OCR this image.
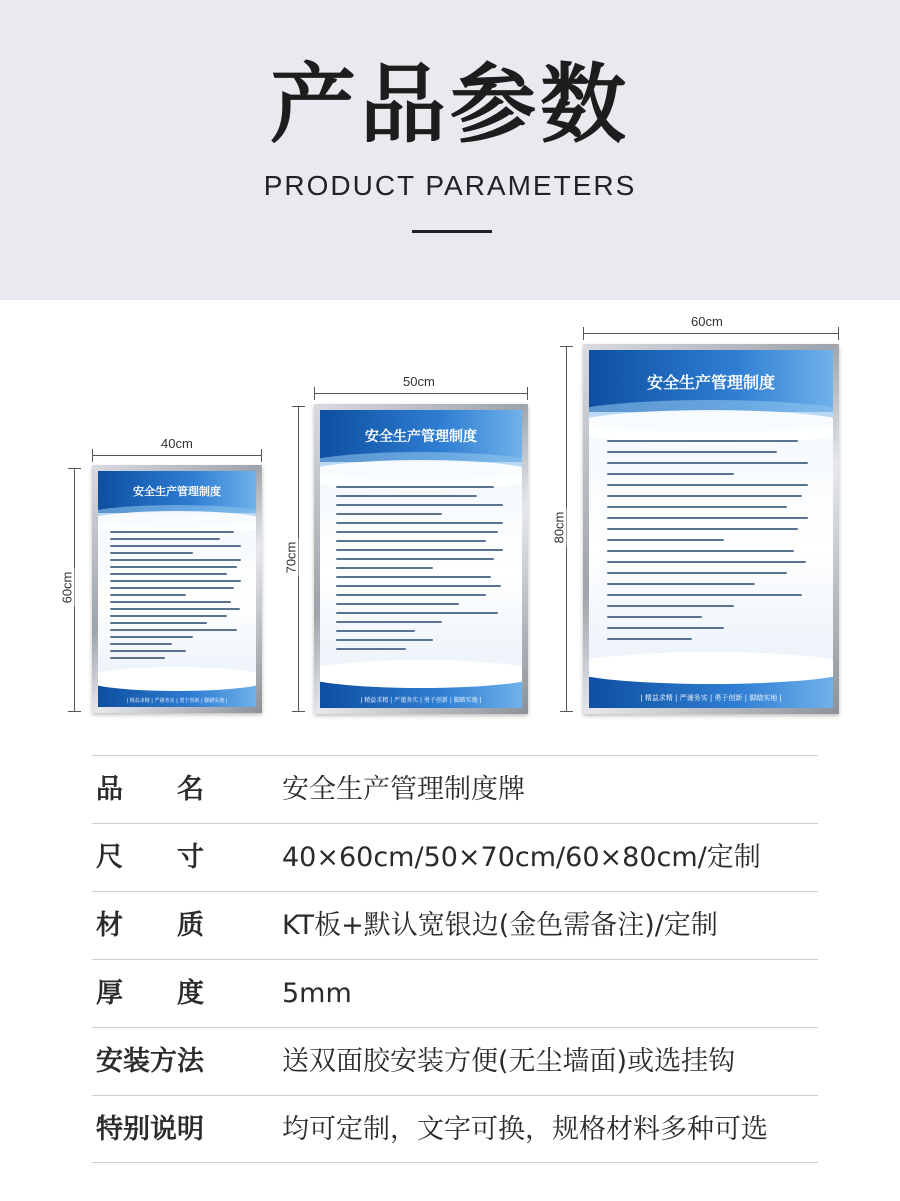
产品参数
PRODUCT PARAMETERS
40cm
60cm
安全生产管理制度
| 精益求精 | 严谨务实 | 勇于创新 | 脚踏实地 |
50cm
70cm
安全生产管理制度
| 精益求精 | 严谨务实 | 勇于创新 | 脚踏实地 |
60cm
80cm
安全生产管理制度
| 精益求精 | 严谨务实 | 勇于创新 | 脚踏实地 |
品　　名	安全生产管理制度牌
尺　　寸	40×60cm/50×70cm/60×80cm/定制
材　　质	KT板+默认宽银边(金色需备注)/定制
厚　　度	5mm
安装方法	送双面胶安装方便(无尘墙面)或选挂钩
特别说明	均可定制，文字可换，规格材料多种可选
